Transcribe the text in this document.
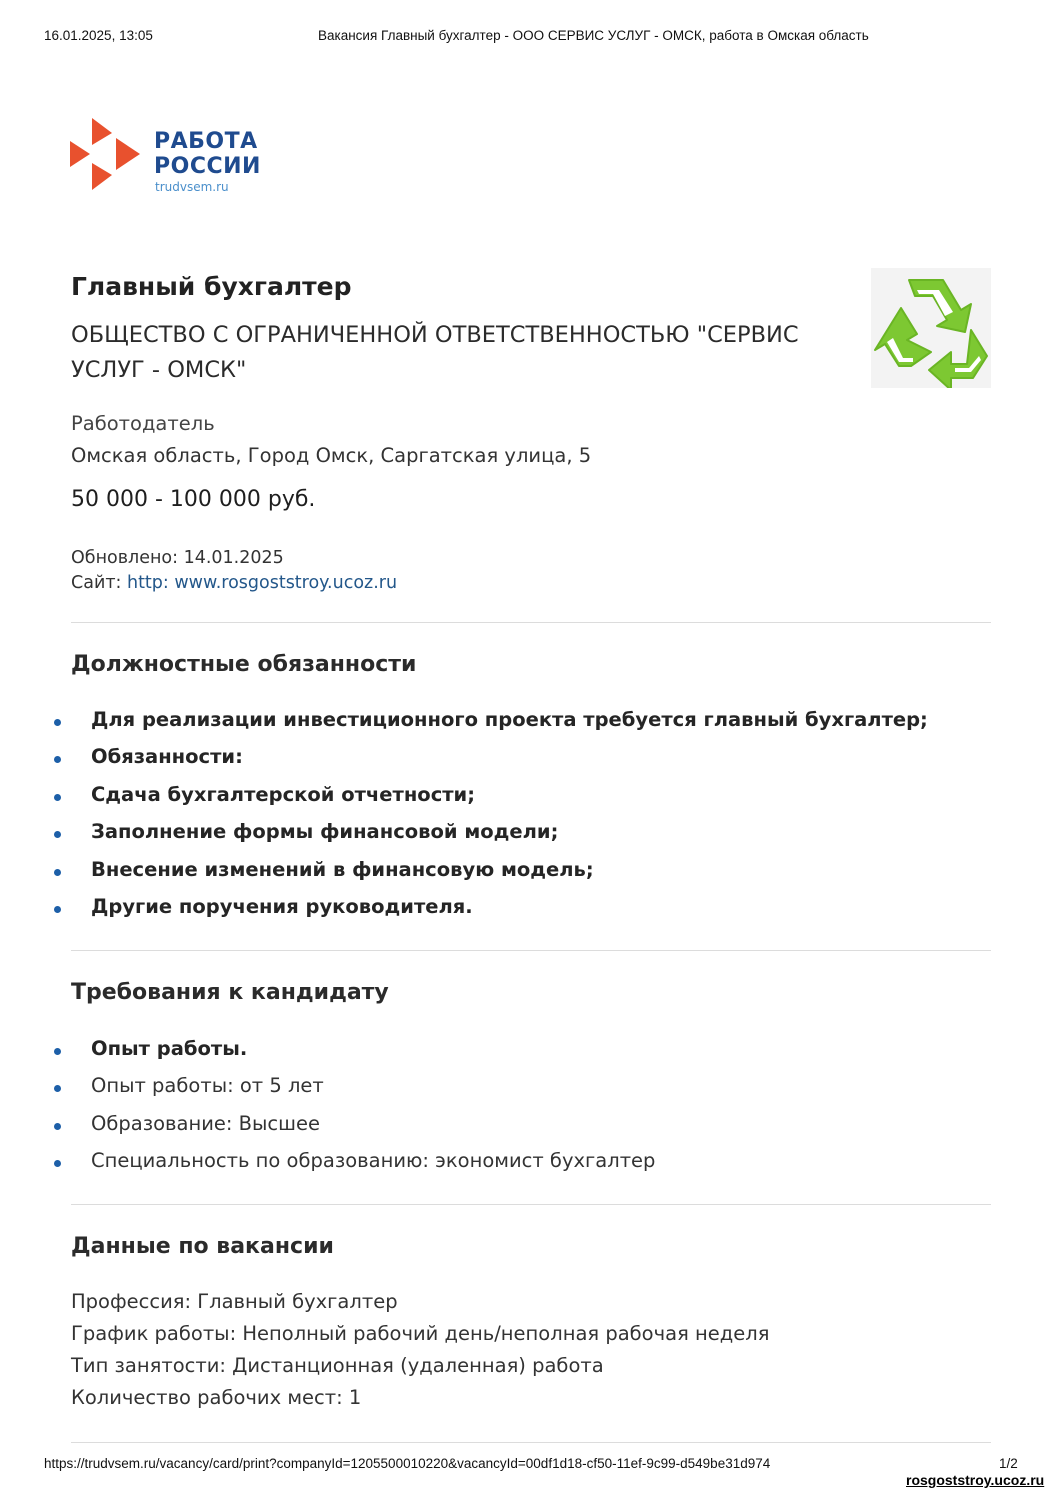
16.01.2025, 13:05	Вакансия Главный бухгалтер - ООО СЕРВИС УСЛУГ - ОМСК, работа в Омская область
РАБОТА
РОССИИ
trudvsem.ru
Главный бухгалтер
ОБЩЕСТВО С ОГРАНИЧЕННОЙ ОТВЕТСТВЕННОСТЬЮ "СЕРВИС УСЛУГ - ОМСК"
Работодатель
Омская область, Город Омск, Саргатская улица, 5
50 000 - 100 000 руб.
Обновлено: 14.01.2025
Сайт: http: www.rosgoststroy.ucoz.ru
Должностные обязанности
Для реализации инвестиционного проекта требуется главный бухгалтер;
Обязанности:
Сдача бухгалтерской отчетности;
Заполнение формы финансовой модели;
Внесение изменений в финансовую модель;
Другие поручения руководителя.
Требования к кандидату
Опыт работы.
Опыт работы: от 5 лет
Образование: Высшее
Специальность по образованию: экономист бухгалтер
Данные по вакансии
Профессия: Главный бухгалтер
График работы: Неполный рабочий день/неполная рабочая неделя
Тип занятости: Дистанционная (удаленная) работа
Количество рабочих мест: 1
https://trudvsem.ru/vacancy/card/print?companyId=1205500010220&vacancyId=00df1d18-cf50-11ef-9c99-d549be31d974	1/2
rosgoststroy.ucoz.ru
